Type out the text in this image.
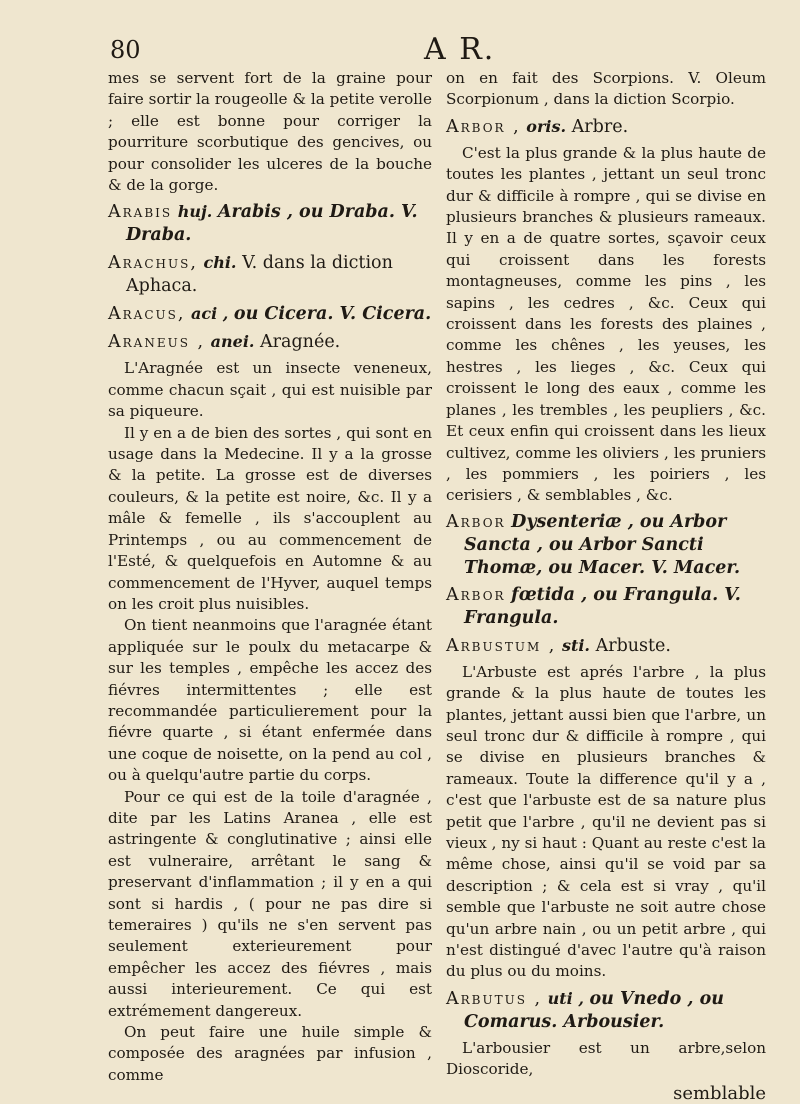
80	A R.

mes se servent fort de la graine pour faire sortir la rougeolle & la petite verolle ; elle est bonne pour corriger la pourriture scorbutique des gencives, ou pour consolider les ulceres de la bouche & de la gorge.

Arabis huj. Arabis , ou Draba. V. Draba.

Arachus, chi. V. dans la diction Aphaca.

Aracus, aci , ou Cicera. V. Cicera.

Araneus , anei. Aragnée.

L'Aragnée est un insecte veneneux, comme chacun sçait , qui est nuisible par sa piqueure.

Il y en a de bien des sortes , qui sont en usage dans la Medecine. Il y a la grosse & la petite. La grosse est de diverses couleurs, & la petite est noire, &c. Il y a mâle & femelle , ils s'accouplent au Printemps , ou au commencement de l'Esté, & quelquefois en Automne & au commencement de l'Hyver, auquel temps on les croit plus nuisibles.

On tient neanmoins que l'aragnée étant appliquée sur le poulx du metacarpe & sur les temples , empêche les accez des fiévres intermittentes ; elle est recommandée particulierement pour la fiévre quarte , si étant enfermée dans une coque de noisette, on la pend au col , ou à quelqu'autre partie du corps.

Pour ce qui est de la toile d'aragnée , dite par les Latins Aranea , elle est astringente & conglutinative ; ainsi elle est vulneraire, arrêtant le sang & preservant d'inflammation ; il y en a qui sont si hardis , ( pour ne pas dire si temeraires ) qu'ils ne s'en servent pas seulement exterieurement pour empêcher les accez des fiévres , mais aussi interieurement. Ce qui est extrémement dangereux.

On peut faire une huile simple & composée des aragnées par infusion , comme

on en fait des Scorpions. V. Oleum Scorpionum , dans la diction Scorpio.

Arbor , oris. Arbre.

C'est la plus grande & la plus haute de toutes les plantes , jettant un seul tronc dur & difficile à rompre , qui se divise en plusieurs branches & plusieurs rameaux. Il y en a de quatre sortes, sçavoir ceux qui croissent dans les forests montagneuses, comme les pins , les sapins , les cedres , &c. Ceux qui croissent dans les forests des plaines , comme les chênes , les yeuses, les hestres , les lieges , &c. Ceux qui croissent le long des eaux , comme les planes , les trembles , les peupliers , &c. Et ceux enfin qui croissent dans les lieux cultivez, comme les oliviers , les pruniers , les pommiers , les poiriers , les cerisiers , & semblables , &c.

Arbor Dysenteriæ , ou Arbor Sancta , ou Arbor Sancti Thomæ, ou Macer. V. Macer.

Arbor fœtida , ou Frangula. V. Frangula.

Arbustum , sti. Arbuste.

L'Arbuste est aprés l'arbre , la plus grande & la plus haute de toutes les plantes, jettant aussi bien que l'arbre, un seul tronc dur & difficile à rompre , qui se divise en plusieurs branches & rameaux. Toute la difference qu'il y a , c'est que l'arbuste est de sa nature plus petit que l'arbre , qu'il ne devient pas si vieux , ny si haut : Quant au reste c'est la même chose, ainsi qu'il se void par sa description ; & cela est si vray , qu'il semble que l'arbuste ne soit autre chose qu'un arbre nain , ou un petit arbre , qui n'est distingué d'avec l'autre qu'à raison du plus ou du moins.

Arbutus , uti , ou Vnedo , ou Comarus. Arbousier.

L'arbousier est un arbre,selon Dioscoride,

semblable
